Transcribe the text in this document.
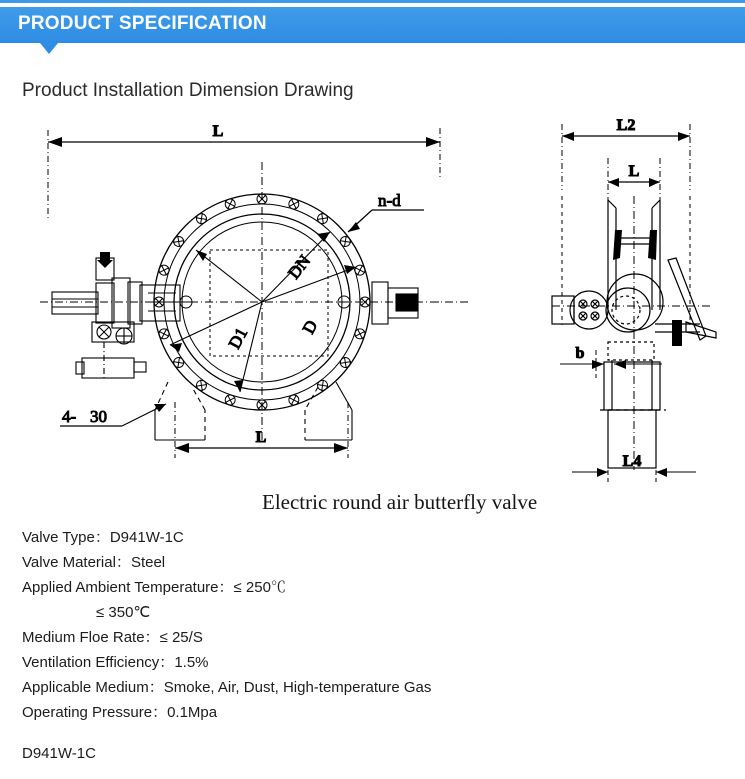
PRODUCT SPECIFICATION
Product Installation Dimension Drawing
L
n-d
DN
D
D1
4- 30
L
L2
L
b
L4
Electric round air butterfly valve
Valve Type：D941W-1C
Valve Material：Steel
Applied Ambient Temperature：≤ 250℃
≤ 350℃
Medium Floe Rate：≤ 25/S
Ventilation Efficiency：1.5%
Applicable Medium：Smoke, Air, Dust, High-temperature Gas
Operating Pressure：0.1Mpa
D941W-1C
